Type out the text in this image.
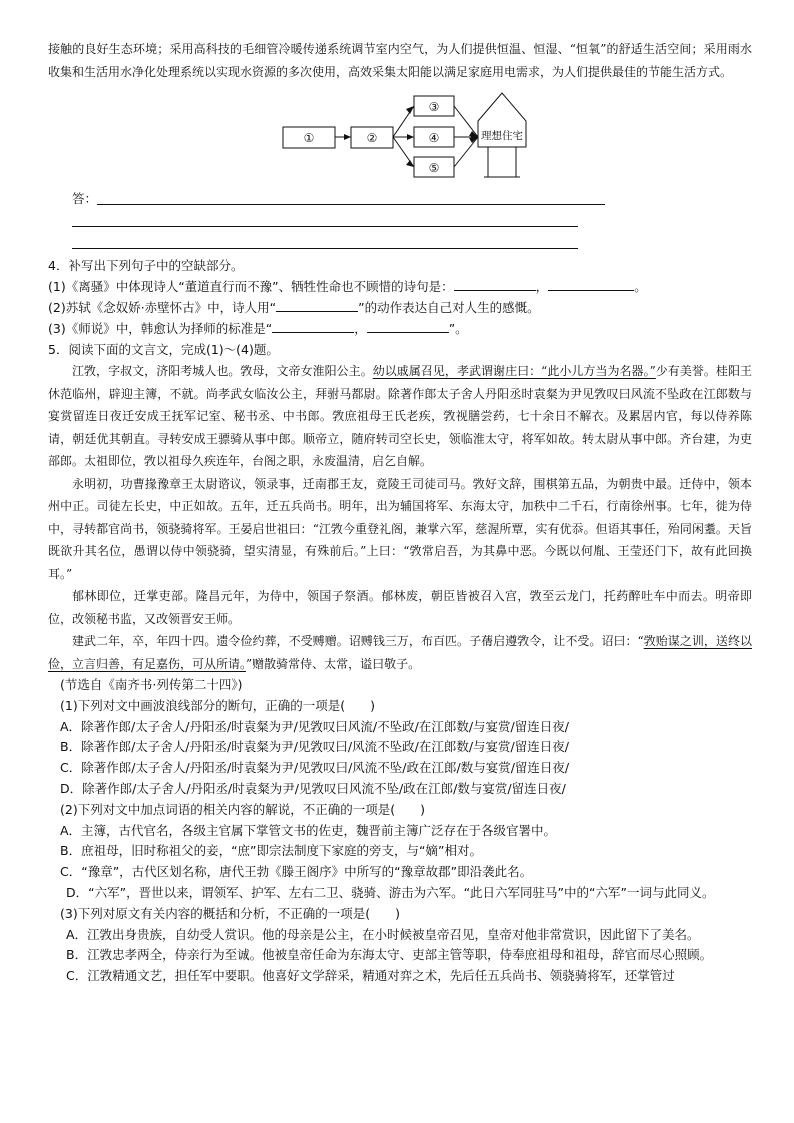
接触的良好生态环境；采用高科技的毛细管冷暖传递系统调节室内空气，为人们提供恒温、恒湿、“恒氧”的舒适生活空间；采用雨水收集和生活用水净化处理系统以实现水资源的多次使用，高效采集太阳能以满足家庭用电需求，为人们提供最佳的节能生活方式。

①	②
③
④
⑤
理想住宅
答：

4．补写出下列句子中的空缺部分。

(1)《离骚》中体现诗人“董道直行而不豫”、牺牲性命也不顾惜的诗句是：	，	。

(2)苏轼《念奴娇·赤壁怀古》中，诗人用“	”的动作表达自己对人生的感慨。

(3)《师说》中，韩愈认为择师的标准是“	，	”。

5．阅读下面的文言文，完成(1)～(4)题。

江敩，字叔文，济阳考城人也。敩母，文帝女淮阳公主。幼以戚属召见，孝武谓谢庄曰：“此小儿方当为名器。”少有美誉。桂阳王休范临州，辟迎主簿，不就。尚孝武女临汝公主，拜驸马都尉。除著作郎太子舍人丹阳丞时袁粲为尹见敩叹曰风流不坠政在江郎数与宴赏留连日夜迁安成王抚军记室、秘书丞、中书郎。敩庶祖母王氏老疾，敩视膳尝药，七十余日不解衣。及累居内官，每以侍养陈请，朝廷优其朝直。寻转安成王骠骑从事中郎。顺帝立，随府转司空长史，领临淮太守，将军如故。转太尉从事中郎。齐台建，为吏部郎。太祖即位，敩以祖母久疾连年，台阁之职，永废温清，启乞自解。

永明初，功曹掾豫章王太尉谘议，领录事，迁南郡王友，竟陵王司徒司马。敩好文辞，围棋第五品，为朝贵中最。迁侍中，领本州中正。司徒左长史，中正如故。五年，迁五兵尚书。明年，出为辅国将军、东海太守，加秩中二千石，行南徐州事。七年，徙为侍中，寻转都官尚书，领骁骑将军。王晏启世祖曰：“江敩今重登礼阁，兼掌六军，慈渥所覃，实有优忝。但语其事任，殆同闲耋。天旨既欲升其名位，愚谓以侍中领骁骑，望实清显，有殊前后。”上曰：“敩常启吾，为其鼻中恶。今既以何胤、王莹还门下，故有此回换耳。”

郁林即位，迁掌吏部。隆昌元年，为侍中，领国子祭酒。郁林废，朝臣皆被召入宫，敩至云龙门，托药醉吐车中而去。明帝即位，改领秘书监，又改领晋安王师。

建武二年，卒，年四十四。遗令俭约葬，不受赙赠。诏赙钱三万，布百匹。子蒨启遵敩令，让不受。诏曰：“敩贻谋之训，送终以俭，立言归善，有足嘉伤，可从所请。”赠散骑常侍、太常，谥曰敬子。

(节选自《南齐书·列传第二十四》)

(1)下列对文中画波浪线部分的断句，正确的一项是(　　)

A．除著作郎/太子舍人/丹阳丞/时袁粲为尹/见敩叹曰风流/不坠政/在江郎数/与宴赏/留连日夜/

B．除著作郎/太子舍人/丹阳丞/时袁粲为尹/见敩叹曰/风流不坠政/在江郎数/与宴赏/留连日夜/

C．除著作郎/太子舍人/丹阳丞/时袁粲为尹/见敩叹曰/风流不坠/政在江郎/数与宴赏/留连日夜/

D．除著作郎/太子舍人/丹阳丞/时袁粲为尹/见敩叹曰风流不坠/政在江郎/数与宴赏/留连日夜/

(2)下列对文中加点词语的相关内容的解说，不正确的一项是(　　)

A．主簿，古代官名，各级主官属下掌管文书的佐吏，魏晋前主簿广泛存在于各级官署中。

B．庶祖母，旧时称祖父的妾，“庶”即宗法制度下家庭的旁支，与“嫡”相对。

C．“豫章”，古代区划名称，唐代王勃《滕王阁序》中所写的“豫章故郡”即沿袭此名。

D．“六军”，晋世以来，谓领军、护军、左右二卫、骁骑、游击为六军。“此日六军同驻马”中的“六军”一词与此同义。

(3)下列对原文有关内容的概括和分析，不正确的一项是(　　)

A．江敩出身贵族，自幼受人赏识。他的母亲是公主，在小时候被皇帝召见，皇帝对他非常赏识，因此留下了美名。

B．江敩忠孝两全，侍亲行为至诚。他被皇帝任命为东海太守、吏部主管等职，侍奉庶祖母和祖母，辞官而尽心照顾。

C．江敩精通文艺，担任军中要职。他喜好文学辞采，精通对弈之术，先后任五兵尚书、领骁骑将军，还掌管过
